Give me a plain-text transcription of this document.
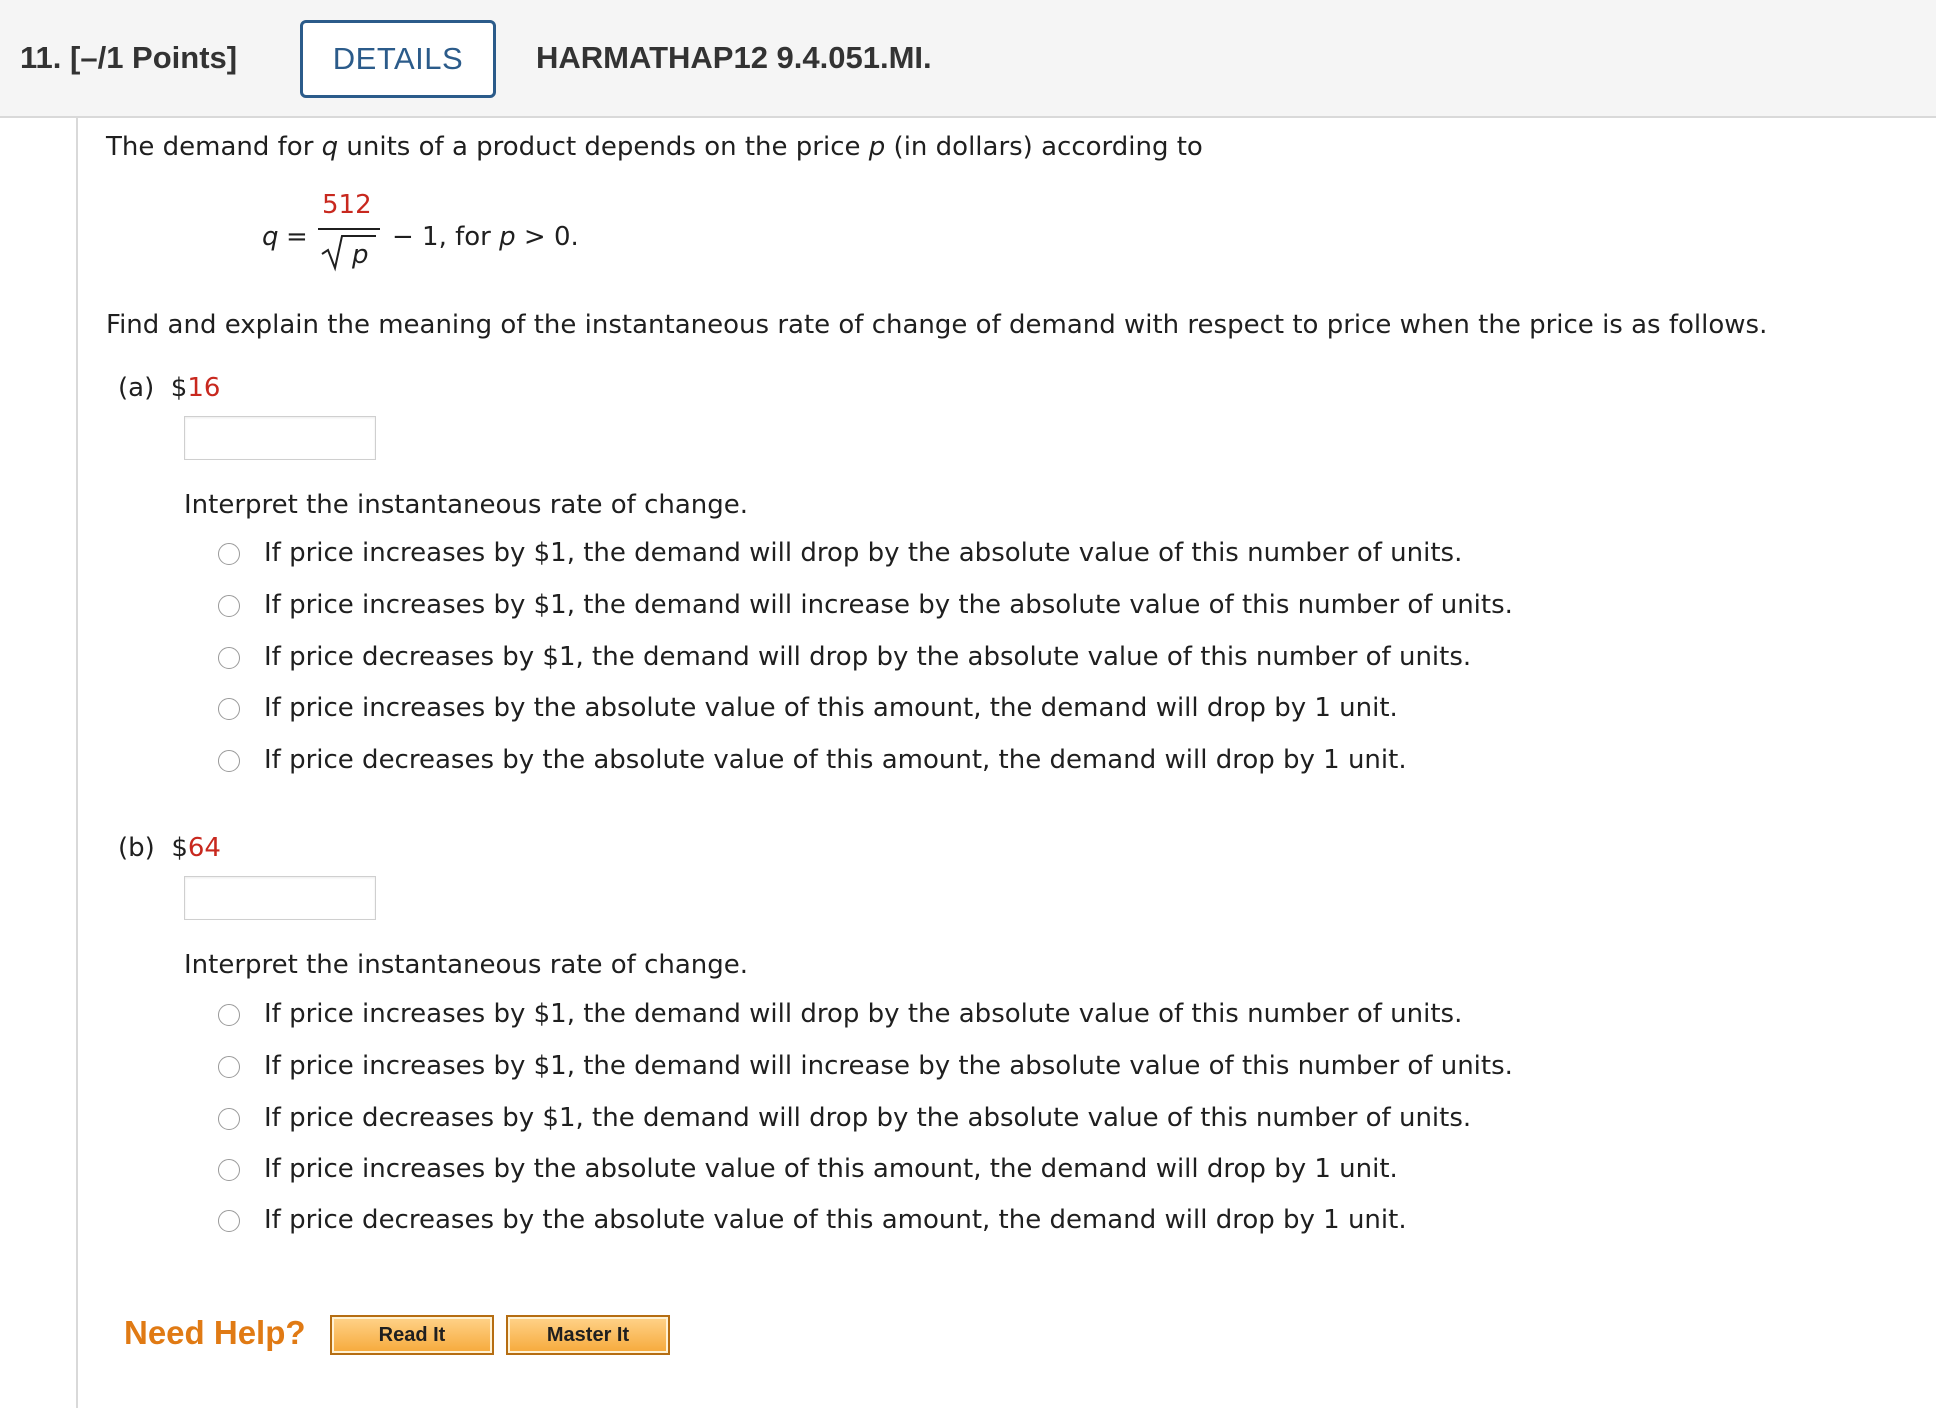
11. [–/1 Points]	DETAILS	HARMATHAP12 9.4.051.MI.
The demand for q units of a product depends on the price p (in dollars) according to
q =
512
p
− 1, for p > 0.
Find and explain the meaning of the instantaneous rate of change of demand with respect to price when the price is as follows.
(a) $16
Interpret the instantaneous rate of change.
If price increases by $1, the demand will drop by the absolute value of this number of units.
If price increases by $1, the demand will increase by the absolute value of this number of units.
If price decreases by $1, the demand will drop by the absolute value of this number of units.
If price increases by the absolute value of this amount, the demand will drop by 1 unit.
If price decreases by the absolute value of this amount, the demand will drop by 1 unit.
(b) $64
Interpret the instantaneous rate of change.
If price increases by $1, the demand will drop by the absolute value of this number of units.
If price increases by $1, the demand will increase by the absolute value of this number of units.
If price decreases by $1, the demand will drop by the absolute value of this number of units.
If price increases by the absolute value of this amount, the demand will drop by 1 unit.
If price decreases by the absolute value of this amount, the demand will drop by 1 unit.
Need Help?	Read It	Master It
